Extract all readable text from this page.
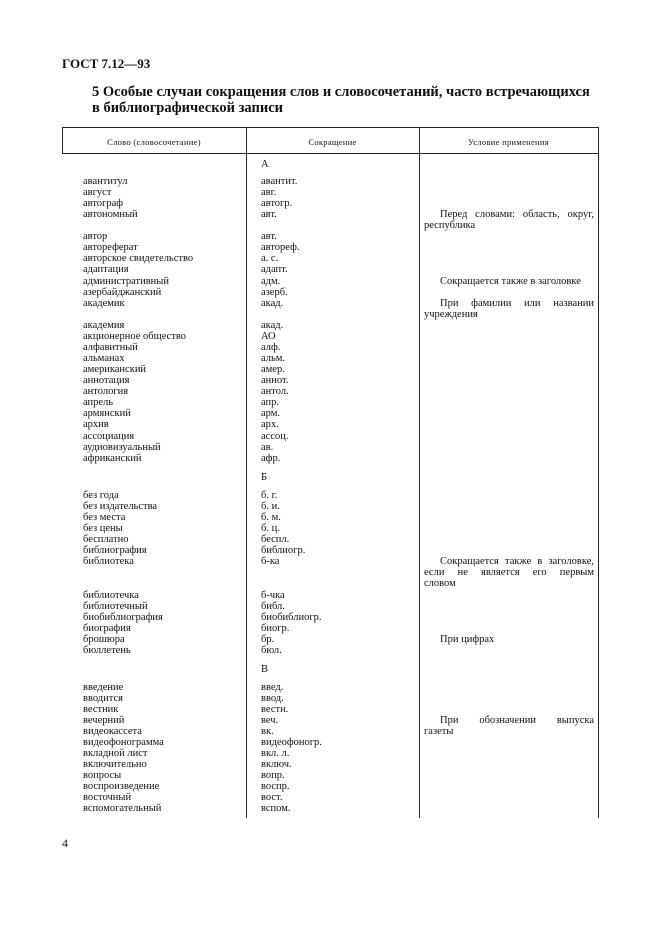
ГОСТ 7.12—93
5 Особые случаи сокращения слов и словосочетаний, часто встречающихся
в библиографической записи
Слово (словосочетание)	Сокращение	Условие применения
А
авантитул	авантит.
август	авг.
автограф	автогр.
автономный	авт.	Перед словами: область, округ,
республика
автор	авт.
автореферат	автореф.
авторское свидетельство	а. с.
адаптация	адапт.
административный	адм.	Сокращается также в заголовке
азербайджанский	азерб.
академик	акад.	При фамилии или названии
учреждения
академия	акад.
акционерное общество	АО
алфавитный	алф.
альманах	альм.
американский	амер.
аннотация	аннот.
антология	антол.
апрель	апр.
армянский	арм.
архив	арх.
ассоциация	ассоц.
аудиовизуальный	ав.
африканский	афр.
Б
без года	б. г.
без издательства	б. и.
без места	б. м.
без цены	б. ц.
бесплатно	беспл.
библиография	библиогр.
библиотека	б-ка	Сокращается также в заголовке,
если не является его первым
словом
библиотечка	б-чка
библиотечный	библ.
биобиблиография	биобиблиогр.
биография	биогр.
брошюра	бр.	При цифрах
бюллетень	бюл.
В
введение	введ.
вводится	ввод.
вестник	вестн.
вечерний	веч.	При обозначении выпуска
газеты
видеокассета	вк.
видеофонограмма	видеофоногр.
вкладной лист	вкл. л.
включительно	включ.
вопросы	вопр.
воспроизведение	воспр.
восточный	вост.
вспомогательный	вспом.
4
